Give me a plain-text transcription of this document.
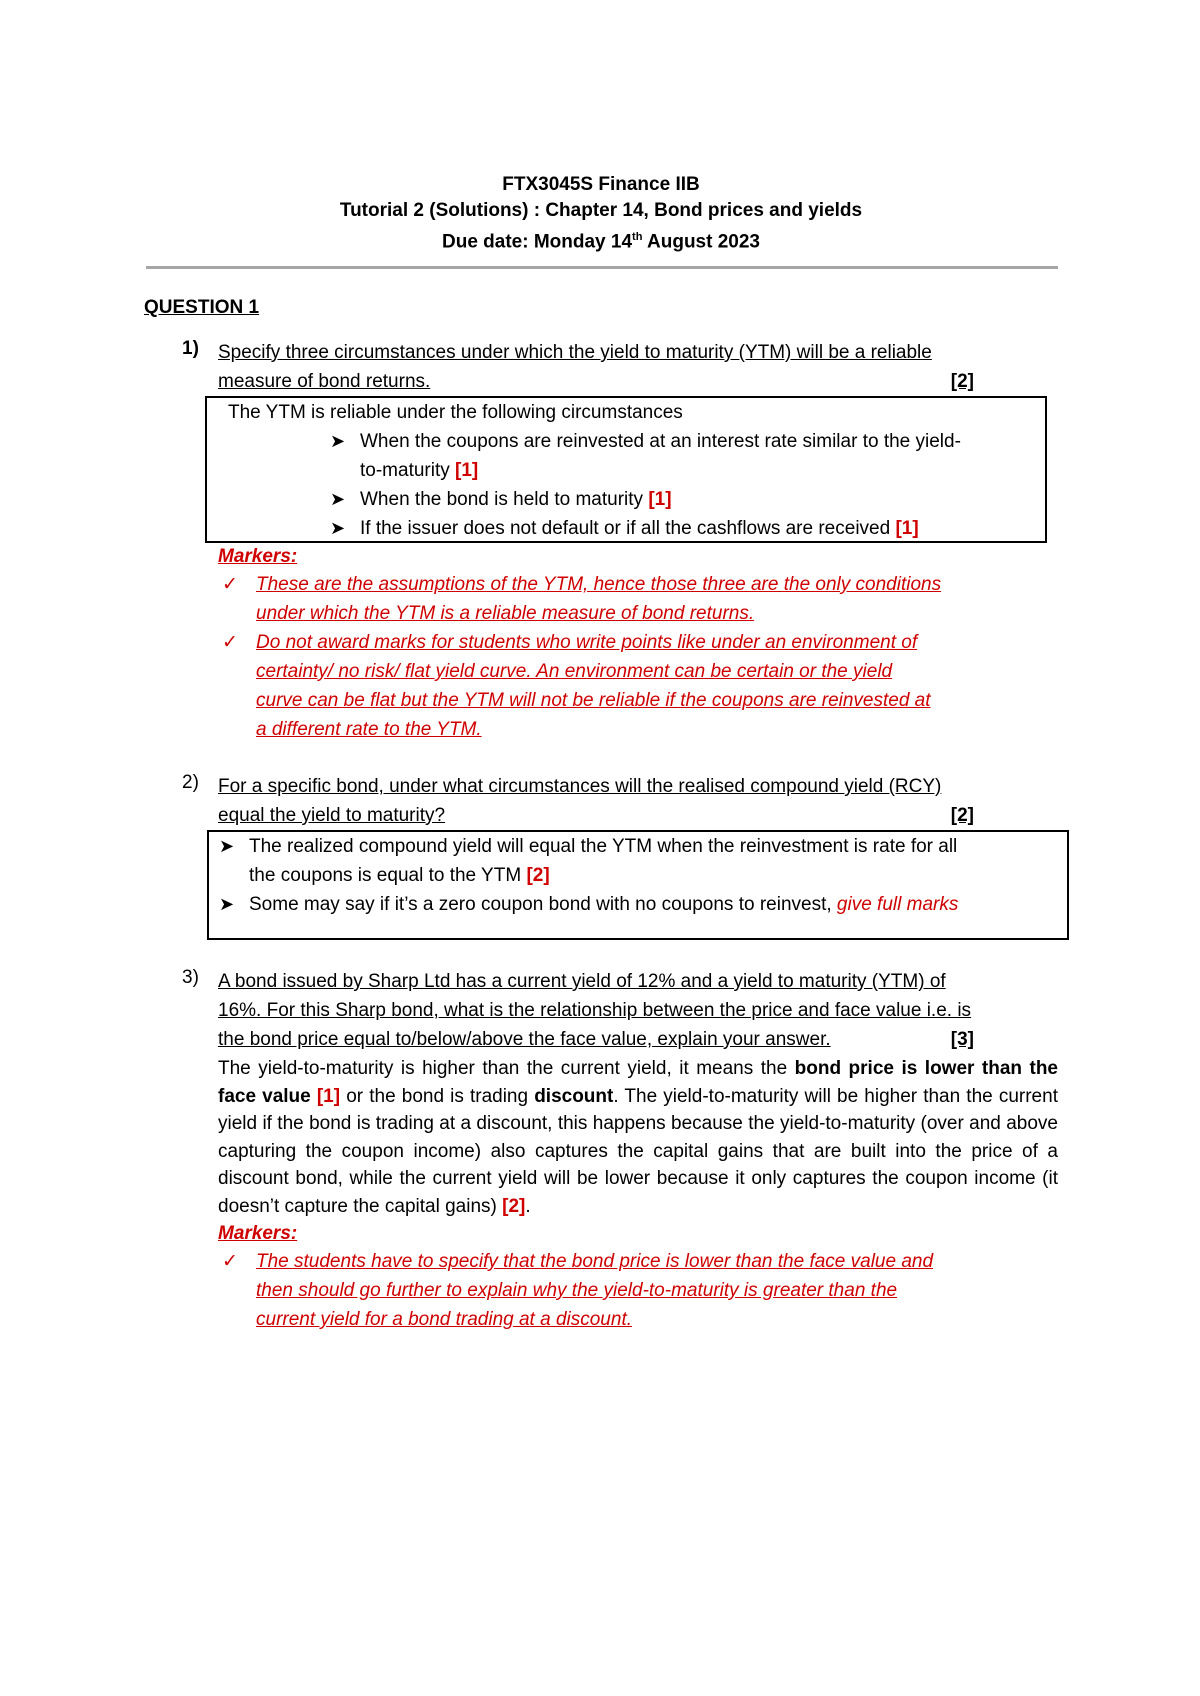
FTX3045S Finance IIB
Tutorial 2 (Solutions) : Chapter 14, Bond prices and yields
Due date: Monday 14th August 2023
QUESTION 1
1) Specify three circumstances under which the yield to maturity (YTM) will be a reliable
measure of bond returns.	[2]
The YTM is reliable under the following circumstances
➤ When the coupons are reinvested at an interest rate similar to the yield-
to-maturity [1]
➤ When the bond is held to maturity [1]
➤ If the issuer does not default or if all the cashflows are received [1]
Markers:
✓ These are the assumptions of the YTM, hence those three are the only conditions
under which the YTM is a reliable measure of bond returns.
✓ Do not award marks for students who write points like under an environment of
certainty/ no risk/ flat yield curve. An environment can be certain or the yield
curve can be flat but the YTM will not be reliable if the coupons are reinvested at
a different rate to the YTM.
2) For a specific bond, under what circumstances will the realised compound yield (RCY)
equal the yield to maturity?	[2]
➤ The realized compound yield will equal the YTM when the reinvestment is rate for all
the coupons is equal to the YTM [2]
➤ Some may say if it’s a zero coupon bond with no coupons to reinvest, give full marks
3) A bond issued by Sharp Ltd has a current yield of 12% and a yield to maturity (YTM) of
16%. For this Sharp bond, what is the relationship between the price and face value i.e. is
the bond price equal to/below/above the face value, explain your answer.	[3]
The yield-to-maturity is higher than the current yield, it means the bond price is lower than the face value [1] or the bond is trading discount. The yield-to-maturity will be higher than the current yield if the bond is trading at a discount, this happens because the yield-to-maturity (over and above capturing the coupon income) also captures the capital gains that are built into the price of a discount bond, while the current yield will be lower because it only captures the coupon income (it doesn’t capture the capital gains) [2].
Markers:
✓ The students have to specify that the bond price is lower than the face value and
then should go further to explain why the yield-to-maturity is greater than the
current yield for a bond trading at a discount.
